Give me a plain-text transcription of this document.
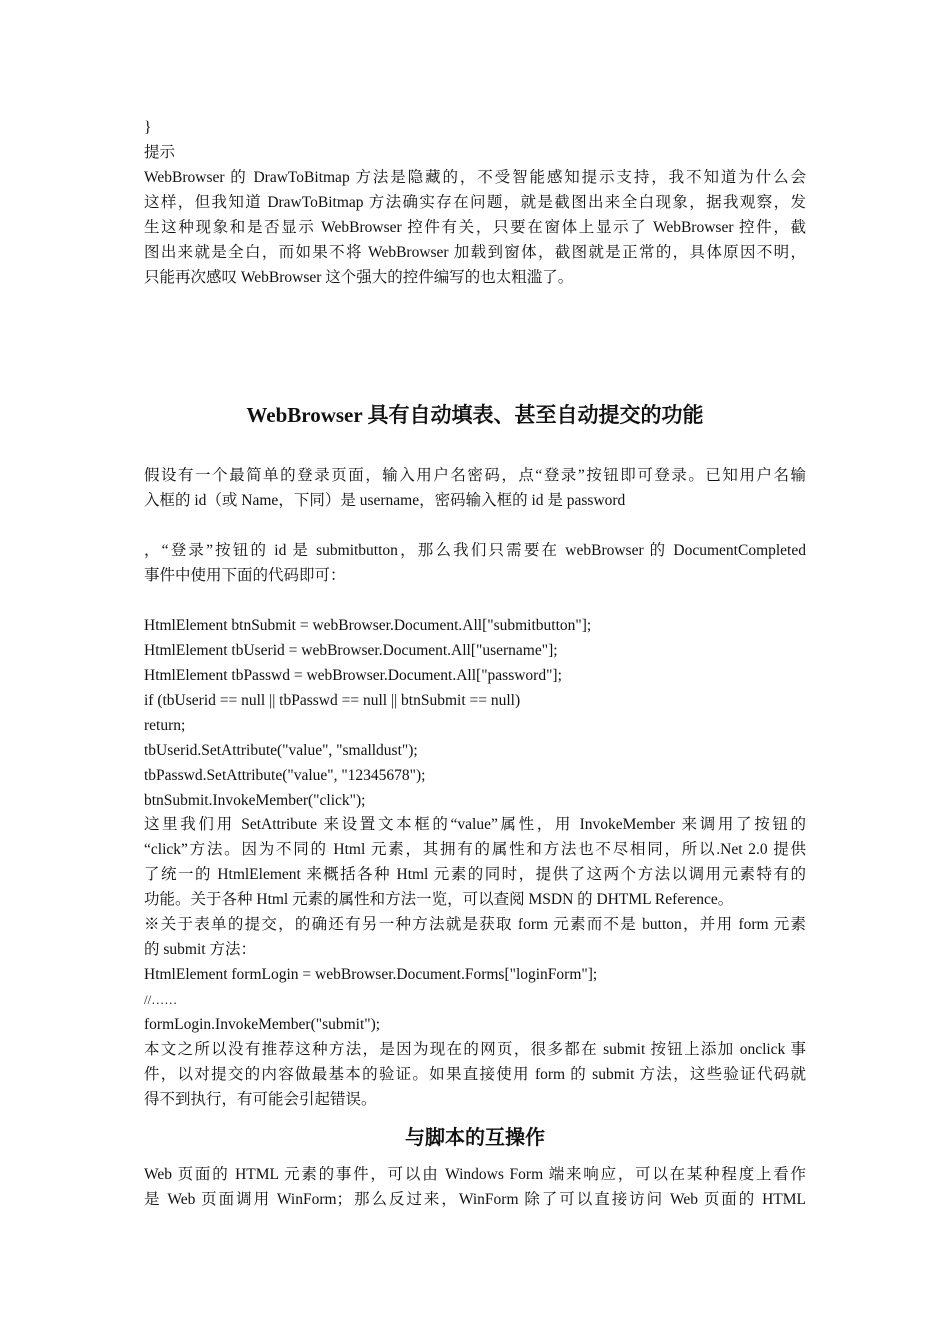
}
提示
WebBrowser 的 DrawToBitmap 方法是隐藏的，不受智能感知提示支持，我不知道为什么会
这样，但我知道 DrawToBitmap 方法确实存在问题，就是截图出来全白现象，据我观察，发
生这种现象和是否显示 WebBrowser 控件有关，只要在窗体上显示了 WebBrowser 控件，截
图出来就是全白，而如果不将 WebBrowser 加载到窗体，截图就是正常的，具体原因不明，
只能再次感叹 WebBrowser 这个强大的控件编写的也太粗滥了。
WebBrowser 具有自动填表、甚至自动提交的功能
假设有一个最简单的登录页面，输入用户名密码，点“登录”按钮即可登录。已知用户名输
入框的 id（或 Name，下同）是 username，密码输入框的 id 是 password
，“登录”按钮的 id 是 submitbutton，那么我们只需要在 webBrowser 的 DocumentCompleted
事件中使用下面的代码即可：
HtmlElement btnSubmit = webBrowser.Document.All["submitbutton"];
HtmlElement tbUserid = webBrowser.Document.All["username"];
HtmlElement tbPasswd = webBrowser.Document.All["password"];
if (tbUserid == null || tbPasswd == null || btnSubmit == null)
return;
tbUserid.SetAttribute("value", "smalldust");
tbPasswd.SetAttribute("value", "12345678");
btnSubmit.InvokeMember("click");
这里我们用 SetAttribute 来设置文本框的“value”属性，用 InvokeMember 来调用了按钮的
“click”方法。因为不同的 Html 元素，其拥有的属性和方法也不尽相同，所以.Net 2.0 提供
了统一的 HtmlElement 来概括各种 Html 元素的同时，提供了这两个方法以调用元素特有的
功能。关于各种 Html 元素的属性和方法一览，可以查阅 MSDN 的 DHTML Reference。
※关于表单的提交，的确还有另一种方法就是获取 form 元素而不是 button，并用 form 元素
的 submit 方法：
HtmlElement formLogin = webBrowser.Document.Forms["loginForm"];
//……
formLogin.InvokeMember("submit");
本文之所以没有推荐这种方法，是因为现在的网页，很多都在 submit 按钮上添加 onclick 事
件，以对提交的内容做最基本的验证。如果直接使用 form 的 submit 方法，这些验证代码就
得不到执行，有可能会引起错误。
与脚本的互操作
Web 页面的 HTML 元素的事件，可以由 Windows Form 端来响应，可以在某种程度上看作
是 Web 页面调用 WinForm；那么反过来，WinForm 除了可以直接访问 Web 页面的 HTML
